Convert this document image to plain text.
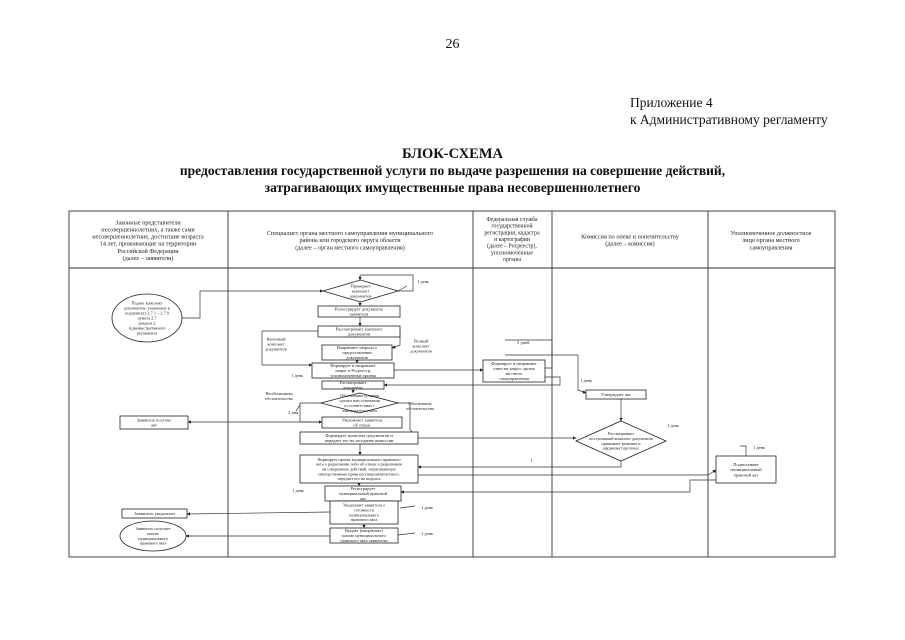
26
Приложение 4
к Административному регламенту
БЛОК-СХЕМА
предоставления государственной услуги по выдаче разрешения на совершение действий,
затрагивающих имущественные права несовершеннолетнего
Законные представители
несовершеннолетних, а также сами
несовершеннолетние, достигшие возраста
14 лет, проживающие на территории
Российской Федерации
(далее – заявители)
Специалист органа местного самоуправления муниципального
района или городского округа области
(далее – орган местного самоуправления)
Федеральная служба
государственной
регистрации, кадастра
и картографии
(далее – Росреестр),
уполномоченные
органы
Комиссия по опеке и попечительству
(далее – комиссия)
Уполномоченное должностное
лицо органа местного
самоуправления
Проверяет
комплект
документов
Подает комплект
документов, указанных в
подпунктах 2.7.1 – 2.7.9
пункта 2.7
раздела 2
Административного
регламента
Регистрирует документы
заявителя
Рассматривает комплект
документов
Направляет запросы о
предоставлении
документов
Формирует и направляет
запрос в Росреестр,
уполномоченные органы
Формирует и направляет
ответ на запрос органа
местного
самоуправления
Рассматривает
документы
Обоснованы условия
сделки или основания
в соответствии с
законодательством
Утверждает акт
Уведомляет заявителя
об отказе
Заявитель получил
акт
Формирует комплект документов и
передает его на заседание комиссии
Рассматривает
поступивший комплект документов
принимает решение и
оформляет протокол
Формирует проект муниципального правового
акта о разрешении либо об отказе в разрешении
на совершение действий, затрагивающих
имущественные права несовершеннолетнего,
передает его на подпись
Подписывает
муниципальный
правовой акт
Регистрирует
муниципальный правовой
акт
Уведомляет заявителя о
готовности
муниципального
правового акта
Заявитель уведомлен
Выдает (направляет)
копию муниципального
правового акта заявителю
Заявитель получает
копию
муниципального
правового акта
1 день
5 дней
1 день
1 день
2 дня
1 день
1 день
1 день
1 день
1 день
1
Неполный
комплект
документов
Полный
комплект
документов
Необоснованы
обстоятельства
Обоснованы
обстоятельства
